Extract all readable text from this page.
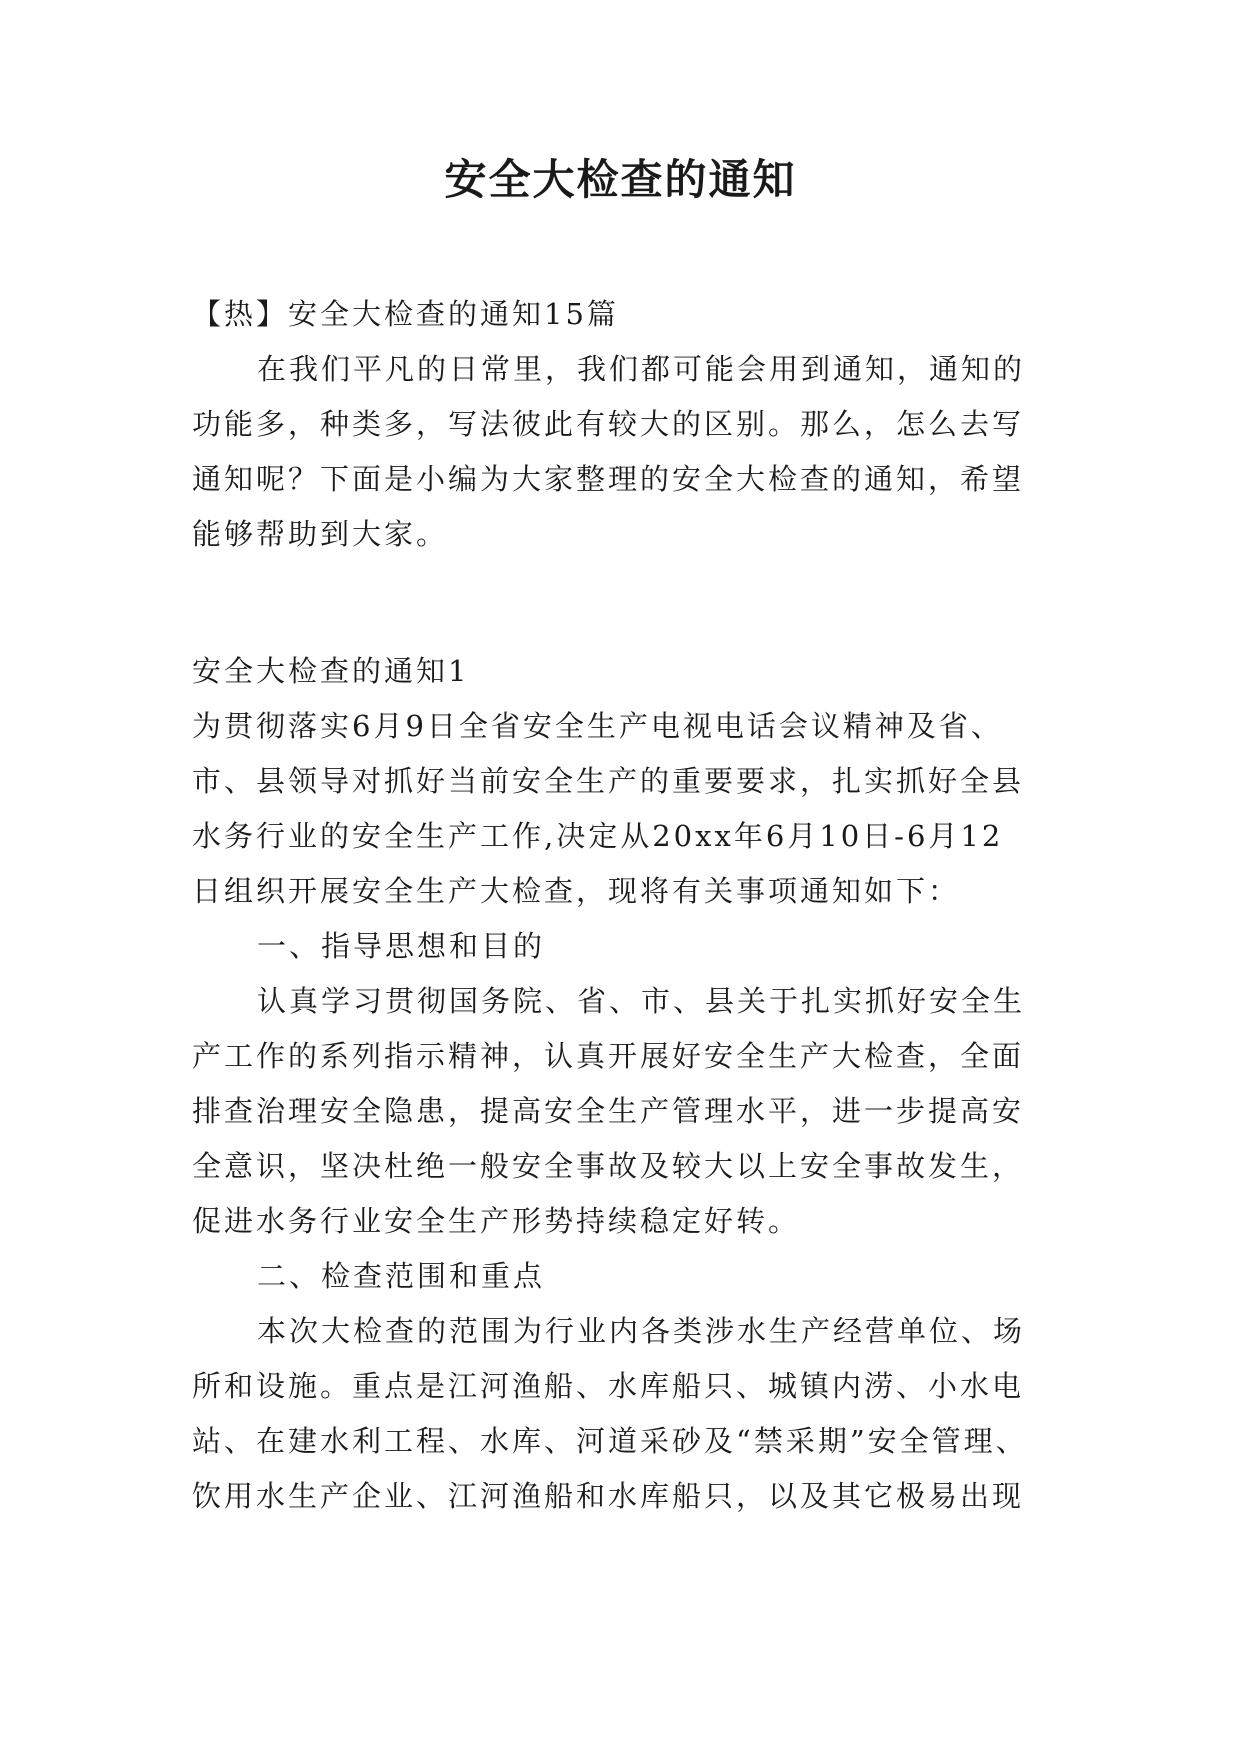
安全大检查的通知
【热】安全大检查的通知15篇
在我们平凡的日常里，我们都可能会用到通知，通知的
功能多，种类多，写法彼此有较大的区别。那么，怎么去写
通知呢？下面是小编为大家整理的安全大检查的通知，希望
能够帮助到大家。
安全大检查的通知1
为贯彻落实6月9日全省安全生产电视电话会议精神及省、
市、县领导对抓好当前安全生产的重要要求，扎实抓好全县
水务行业的安全生产工作,决定从20xx年6月10日-6月12
日组织开展安全生产大检查，现将有关事项通知如下：
一、指导思想和目的
认真学习贯彻国务院、省、市、县关于扎实抓好安全生
产工作的系列指示精神，认真开展好安全生产大检查，全面
排查治理安全隐患，提高安全生产管理水平，进一步提高安
全意识，坚决杜绝一般安全事故及较大以上安全事故发生，
促进水务行业安全生产形势持续稳定好转。
二、检查范围和重点
本次大检查的范围为行业内各类涉水生产经营单位、场
所和设施。重点是江河渔船、水库船只、城镇内涝、小水电
站、在建水利工程、水库、河道采砂及“禁采期”安全管理、
饮用水生产企业、江河渔船和水库船只，以及其它极易出现
